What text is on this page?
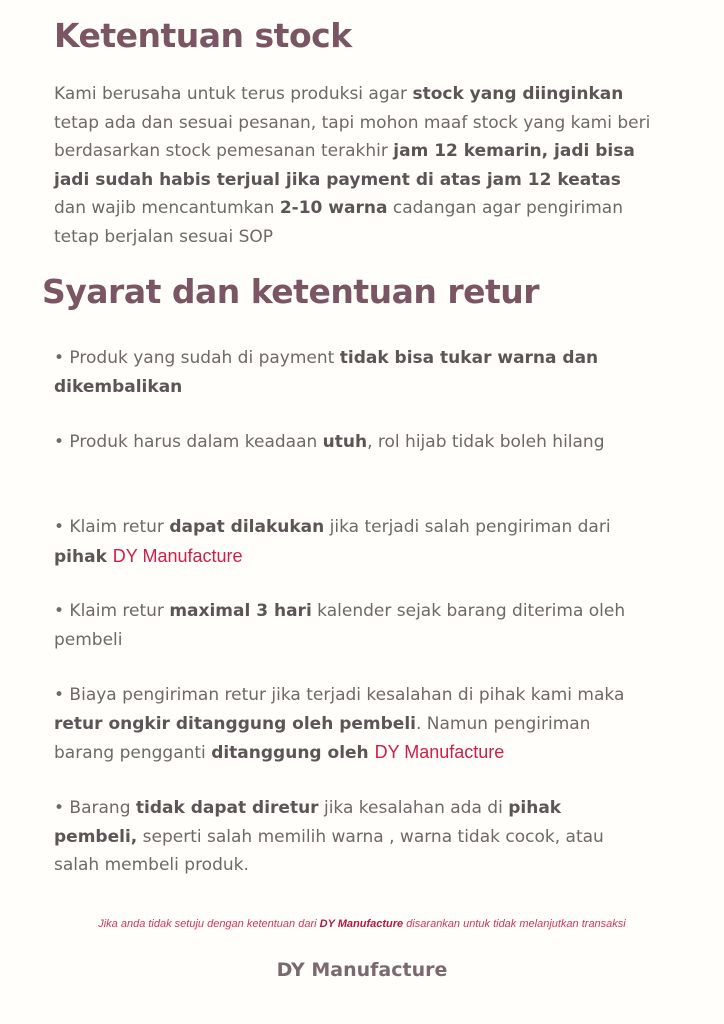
Ketentuan stock

Kami berusaha untuk terus produksi agar stock yang diinginkan tetap ada dan sesuai pesanan, tapi mohon maaf stock yang kami beri berdasarkan stock pemesanan terakhir jam 12 kemarin, jadi bisa jadi sudah habis terjual jika payment di atas jam 12 keatas dan wajib mencantumkan 2-10 warna cadangan agar pengiriman tetap berjalan sesuai SOP

Syarat dan ketentuan retur

• Produk yang sudah di payment tidak bisa tukar warna dan dikembalikan

• Produk harus dalam keadaan utuh, rol hijab tidak boleh hilang

• Klaim retur dapat dilakukan jika terjadi salah pengiriman dari pihak DY Manufacture

• Klaim retur maximal 3 hari kalender sejak barang diterima oleh pembeli

• Biaya pengiriman retur jika terjadi kesalahan di pihak kami maka retur ongkir ditanggung oleh pembeli. Namun pengiriman barang pengganti ditanggung oleh DY Manufacture

• Barang tidak dapat diretur jika kesalahan ada di pihak pembeli, seperti salah memilih warna , warna tidak cocok, atau salah membeli produk.

Jika anda tidak setuju dengan ketentuan dari DY Manufacture disarankan untuk tidak melanjutkan transaksi

DY Manufacture
